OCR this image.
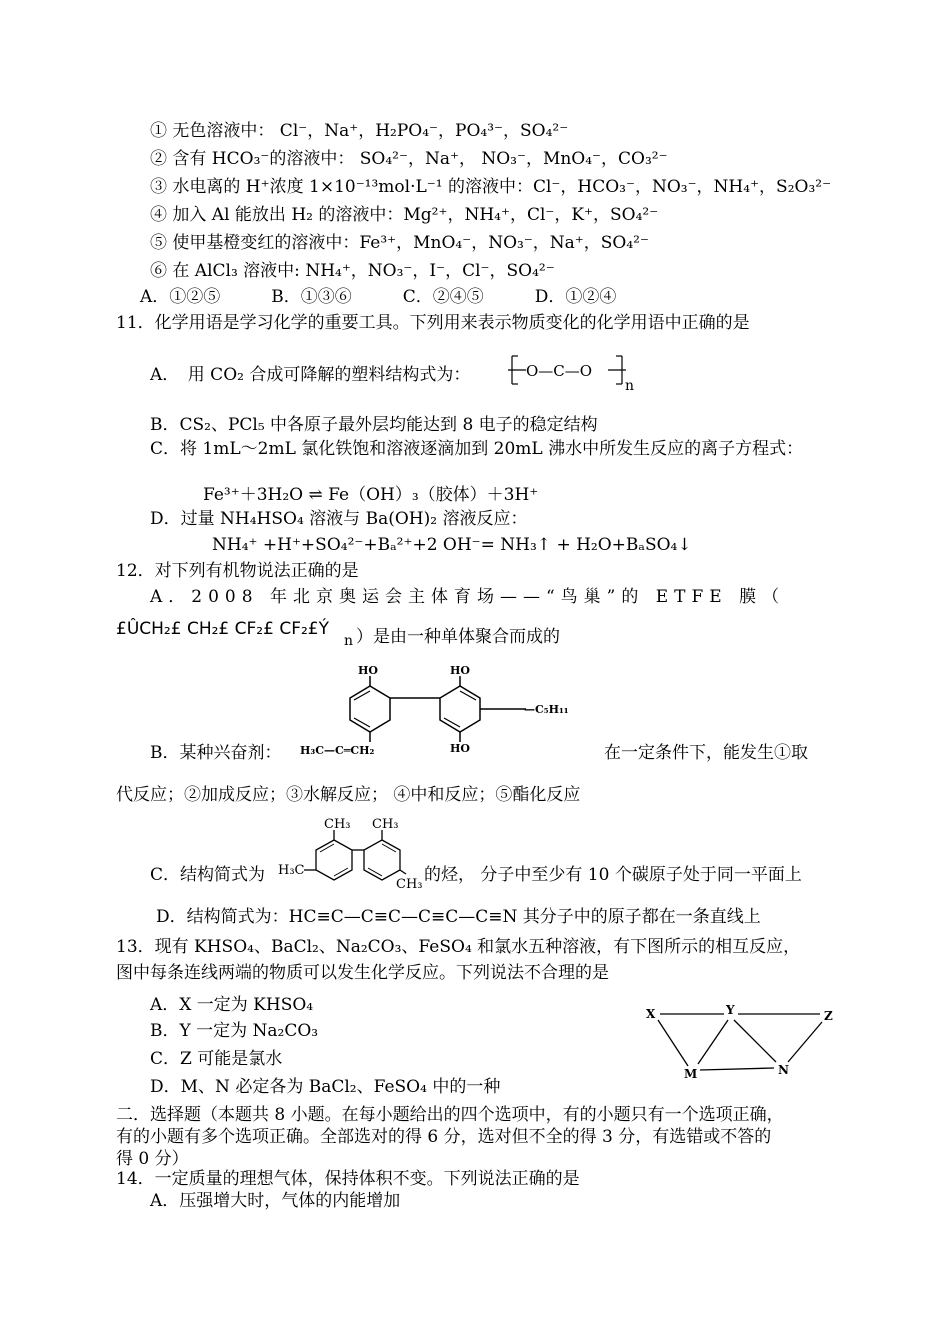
① 无色溶液中： Cl⁻，Na⁺，H₂PO₄⁻，PO₄³⁻，SO₄²⁻
② 含有 HCO₃⁻的溶液中： SO₄²⁻，Na⁺， NO₃⁻，MnO₄⁻，CO₃²⁻
③ 水电离的 H⁺浓度 1×10⁻¹³mol·L⁻¹ 的溶液中：Cl⁻，HCO₃⁻，NO₃⁻，NH₄⁺，S₂O₃²⁻
④ 加入 Al 能放出 H₂ 的溶液中：Mg²⁺，NH₄⁺，Cl⁻，K⁺，SO₄²⁻
⑤ 使甲基橙变红的溶液中：Fe³⁺，MnO₄⁻，NO₃⁻，Na⁺，SO₄²⁻
⑥ 在 AlCl₃ 溶液中: NH₄⁺，NO₃⁻，I⁻，Cl⁻，SO₄²⁻
A．①②⑤　　　B．①③⑥　　　C．②④⑤　　　D．①②④
11．化学用语是学习化学的重要工具。下列用来表示物质变化的化学用语中正确的是
A．　用 CO₂ 合成可降解的塑料结构式为：	O—C—O
n
B．CS₂、PCl₅ 中各原子最外层均能达到 8 电子的稳定结构
C．将 1mL～2mL 氯化铁饱和溶液逐滴加到 20mL 沸水中所发生反应的离子方程式：
Fe³⁺＋3H₂O ⇌ Fe（OH）₃（胶体）＋3H⁺
D．过量 NH₄HSO₄ 溶液与 Ba(OH)₂ 溶液反应：
NH₄⁺ +H⁺+SO₄²⁻+Bₐ²⁺+2 OH⁻= NH₃↑ + H₂O+BₐSO₄↓
12．对下列有机物说法正确的是
A．2008 年北京奥运会主体育场——“鸟巢”的 ETFE 膜（
£ÛCH₂£ CH₂£ CF₂£ CF₂£Ý
n ）是由一种单体聚合而成的
HO	HO
HO
—C₅H₁₁
H₃C—C═CH₂
B．某种兴奋剂：	在一定条件下，能发生①取
代反应；②加成反应；③水解反应； ④中和反应；⑤酯化反应
CH₃
H₃C
CH₃
CH₃
C．结构简式为	的烃， 分子中至少有 10 个碳原子处于同一平面上
D．结构简式为：HC≡C—C≡C—C≡C—C≡N 其分子中的原子都在一条直线上
13．现有 KHSO₄、BaCl₂、Na₂CO₃、FeSO₄ 和氯水五种溶液，有下图所示的相互反应，
图中每条连线两端的物质可以发生化学反应。下列说法不合理的是
A．X 一定为 KHSO₄
B．Y 一定为 Na₂CO₃
C．Z 可能是氯水
D．M、N 必定各为 BaCl₂、FeSO₄ 中的一种
X	Y	Z
M	N
二．选择题（本题共 8 小题。在每小题给出的四个选项中，有的小题只有一个选项正确，
有的小题有多个选项正确。全部选对的得 6 分，选对但不全的得 3 分，有选错或不答的
得 0 分）
14．一定质量的理想气体，保持体积不变。下列说法正确的是
A．压强增大时，气体的内能增加
